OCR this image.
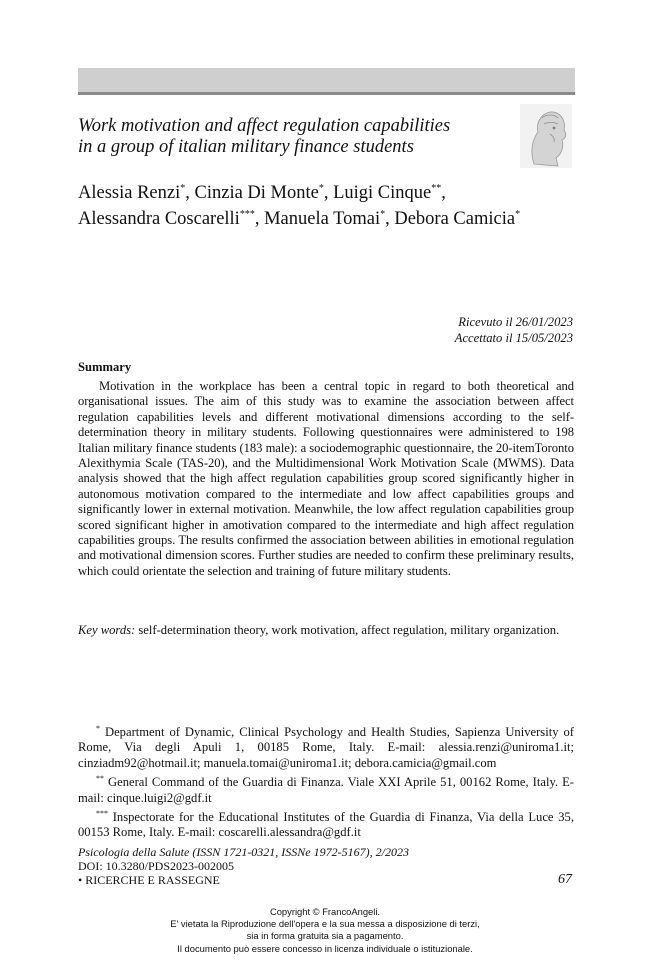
Work motivation and affect regulation capabilities
in a group of italian military finance students
Alessia Renzi*, Cinzia Di Monte*, Luigi Cinque**,
Alessandra Coscarelli***, Manuela Tomai*, Debora Camicia*
Ricevuto il 26/01/2023
Accettato il 15/05/2023
Summary

Motivation in the workplace has been a central topic in regard to both theoretical and organisational issues. The aim of this study was to examine the association between affect regulation capabilities levels and different motivational dimensions according to the self-determination theory in military students. Following questionnaires were administered to 198 Italian military finance students (183 male): a sociodemographic questionnaire, the 20-itemToronto Alexithymia Scale (TAS-20), and the Multidimensional Work Motivation Scale (MWMS). Data analysis showed that the high affect regulation capabilities group scored significantly higher in autonomous motivation compared to the intermediate and low affect capabilities groups and significantly lower in external motivation. Meanwhile, the low affect regulation capabilities group scored significant higher in amotivation compared to the intermediate and high affect regulation capabilities groups. The results confirmed the association between abilities in emotional regulation and motivational dimension scores. Further studies are needed to confirm these preliminary results, which could orientate the selection and training of future military students.

Key words: self-determination theory, work motivation, affect regulation, military organization.

* Department of Dynamic, Clinical Psychology and Health Studies, Sapienza University of Rome, Via degli Apuli 1, 00185 Rome, Italy. E-mail: alessia.renzi@uniroma1.it; cinziadm92@hotmail.it; manuela.tomai@uniroma1.it; debora.camicia@gmail.com

** General Command of the Guardia di Finanza. Viale XXI Aprile 51, 00162 Rome, Italy. E-mail: cinque.luigi2@gdf.it

*** Inspectorate for the Educational Institutes of the Guardia di Finanza, Via della Luce 35, 00153 Rome, Italy. E-mail: coscarelli.alessandra@gdf.it

Psicologia della Salute (ISSN 1721-0321, ISSNe 1972-5167), 2/2023
DOI: 10.3280/PDS2023-002005
• RICERCHE E RASSEGNE	67
Copyright © FrancoAngeli.
E' vietata la Riproduzione dell'opera e la sua messa a disposizione di terzi,
sia in forma gratuita sia a pagamento.
Il documento può essere concesso in licenza individuale o istituzionale.
